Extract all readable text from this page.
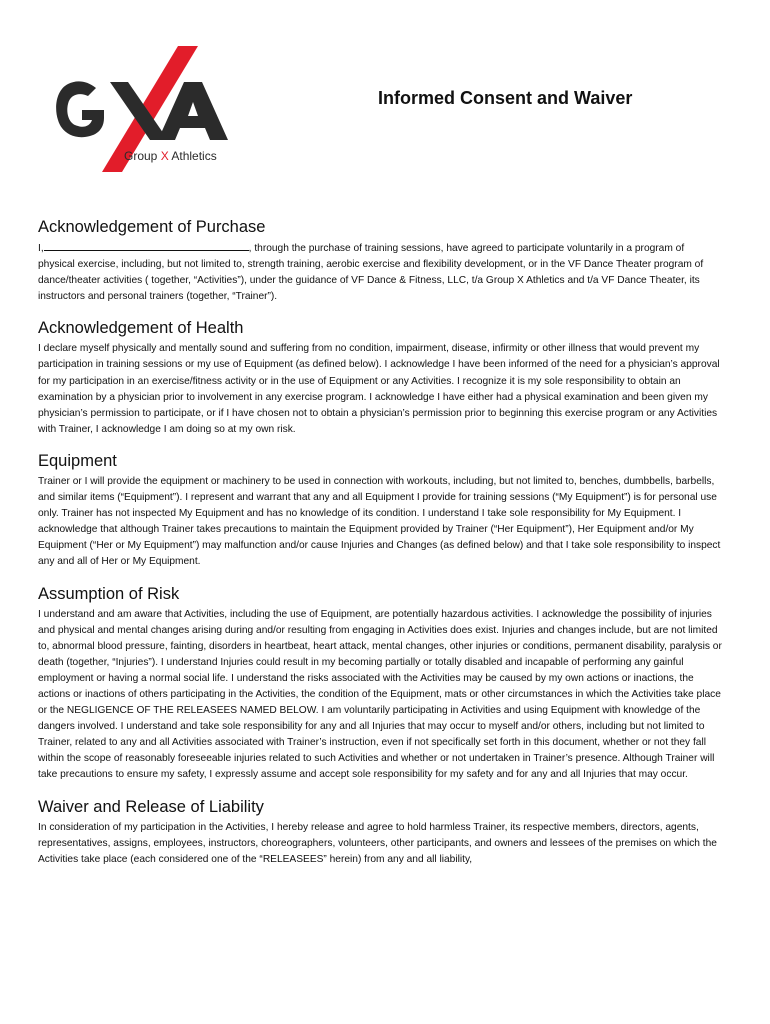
Group X Athletics
Informed Consent and Waiver
Acknowledgement of Purchase

I,	, through the purchase of training sessions, have agreed to participate voluntarily in a program of physical exercise, including, but not limited to, strength training, aerobic exercise and flexibility development, or in the VF Dance Theater program of dance/theater activities ( together, “Activities”), under the guidance of VF Dance & Fitness, LLC, t/a Group X Athletics and t/a VF Dance Theater, its instructors and personal trainers (together, “Trainer”).

Acknowledgement of Health

I declare myself physically and mentally sound and suffering from no condition, impairment, disease, infirmity or other illness that would prevent my participation in training sessions or my use of Equipment (as defined below). I acknowledge I have been informed of the need for a physician’s approval for my participation in an exercise/fitness activity or in the use of Equipment or any Activities. I recognize it is my sole responsibility to obtain an examination by a physician prior to involvement in any exercise program. I acknowledge I have either had a physical examination and been given my physician’s permission to participate, or if I have chosen not to obtain a physician’s permission prior to beginning this exercise program or any Activities with Trainer, I acknowledge I am doing so at my own risk.

Equipment

Trainer or I will provide the equipment or machinery to be used in connection with workouts, including, but not limited to, benches, dumbbells, barbells, and similar items (“Equipment”). I represent and warrant that any and all Equipment I provide for training sessions (“My Equipment”) is for personal use only. Trainer has not inspected My Equipment and has no knowledge of its condition. I understand I take sole responsibility for My Equipment. I acknowledge that although Trainer takes precautions to maintain the Equipment provided by Trainer (“Her Equipment”), Her Equipment and/or My Equipment (“Her or My Equipment”) may malfunction and/or cause Injuries and Changes (as defined below) and that I take sole responsibility to inspect any and all of Her or My Equipment.

Assumption of Risk

I understand and am aware that Activities, including the use of Equipment, are potentially hazardous activities. I acknowledge the possibility of injuries and physical and mental changes arising during and/or resulting from engaging in Activities does exist. Injuries and changes include, but are not limited to, abnormal blood pressure, fainting, disorders in heartbeat, heart attack, mental changes, other injuries or conditions, permanent disability, paralysis or death (together, “Injuries”). I understand Injuries could result in my becoming partially or totally disabled and incapable of performing any gainful employment or having a normal social life. I understand the risks associated with the Activities may be caused by my own actions or inactions, the actions or inactions of others participating in the Activities, the condition of the Equipment, mats or other circumstances in which the Activities take place or the NEGLIGENCE OF THE RELEASEES NAMED BELOW. I am voluntarily participating in Activities and using Equipment with knowledge of the dangers involved. I understand and take sole responsibility for any and all Injuries that may occur to myself and/or others, including but not limited to Trainer, related to any and all Activities associated with Trainer’s instruction, even if not specifically set forth in this document, whether or not they fall within the scope of reasonably foreseeable injuries related to such Activities and whether or not undertaken in Trainer’s presence. Although Trainer will take precautions to ensure my safety, I expressly assume and accept sole responsibility for my safety and for any and all Injuries that may occur.

Waiver and Release of Liability

In consideration of my participation in the Activities, I hereby release and agree to hold harmless Trainer, its respective members, directors, agents, representatives, assigns, employees, instructors, choreographers, volunteers, other participants, and owners and lessees of the premises on which the Activities take place (each considered one of the “RELEASEES” herein) from any and all liability,
